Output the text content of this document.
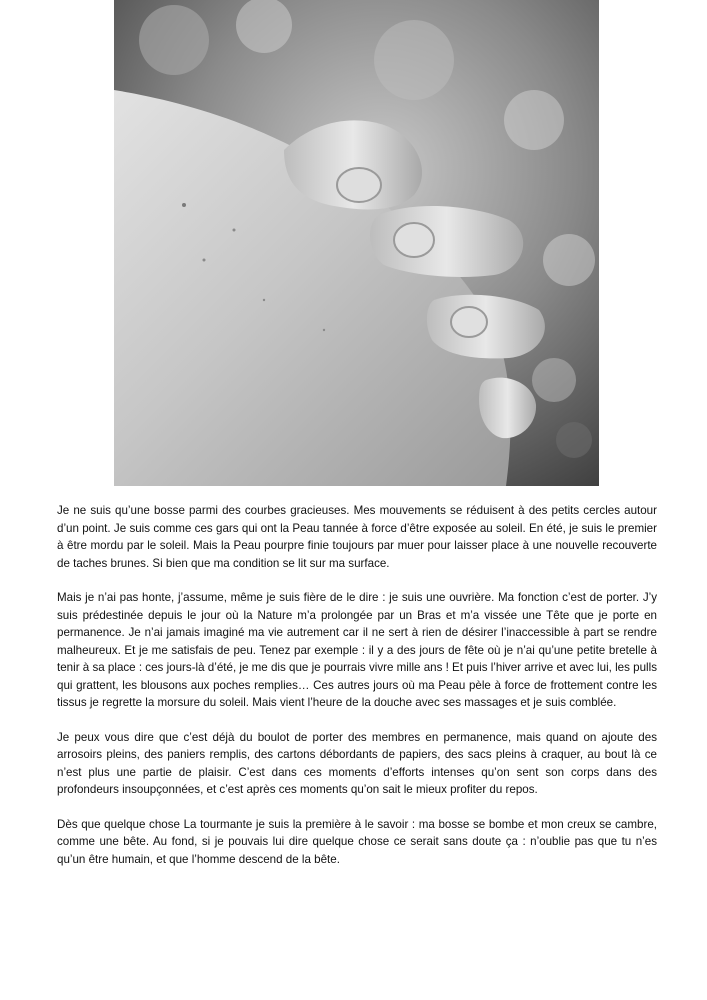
Je ne suis qu’une bosse parmi des courbes gracieuses. Mes mouvements se réduisent à des petits cercles autour d’un point. Je suis comme ces gars qui ont la Peau tannée à force d’être exposée au soleil. En été, je suis le premier à être mordu par le soleil. Mais la Peau pourpre finie toujours par muer pour laisser place à une nouvelle recouverte de taches brunes. Si bien que ma condition se lit sur ma surface.

Mais je n’ai pas honte, j’assume, même je suis fière de le dire : je suis une ouvrière. Ma fonction c’est de porter. J’y suis prédestinée depuis le jour où la Nature m’a prolongée par un Bras et m’a vissée une Tête que je porte en permanence. Je n’ai jamais imaginé ma vie autrement car il ne sert à rien de désirer l’inaccessible à part se rendre malheureux. Et je me satisfais de peu. Tenez par exemple : il y a des jours de fête où je n’ai qu’une petite bretelle à tenir à sa place : ces jours-là d’été, je me dis que je pourrais vivre mille ans ! Et puis l’hiver arrive et avec lui, les pulls qui grattent, les blousons aux poches remplies… Ces autres jours où ma Peau pèle à force de frottement contre les tissus je regrette la morsure du soleil. Mais vient l’heure de la douche avec ses massages et je suis comblée.

Je peux vous dire que c’est déjà du boulot de porter des membres en permanence, mais quand on ajoute des arrosoirs pleins, des paniers remplis, des cartons débordants de papiers, des sacs pleins à craquer, au bout là ce n’est plus une partie de plaisir. C’est dans ces moments d’efforts intenses qu’on sent son corps dans des profondeurs insoupçonnées, et c’est après ces moments qu’on sait le mieux profiter du repos.

Dès que quelque chose La tourmante je suis la première à le savoir : ma bosse se bombe et mon creux se cambre, comme une bête. Au fond, si je pouvais lui dire quelque chose ce serait sans doute ça : n’oublie pas que tu n’es qu’un être humain, et que l’homme descend de la bête.
